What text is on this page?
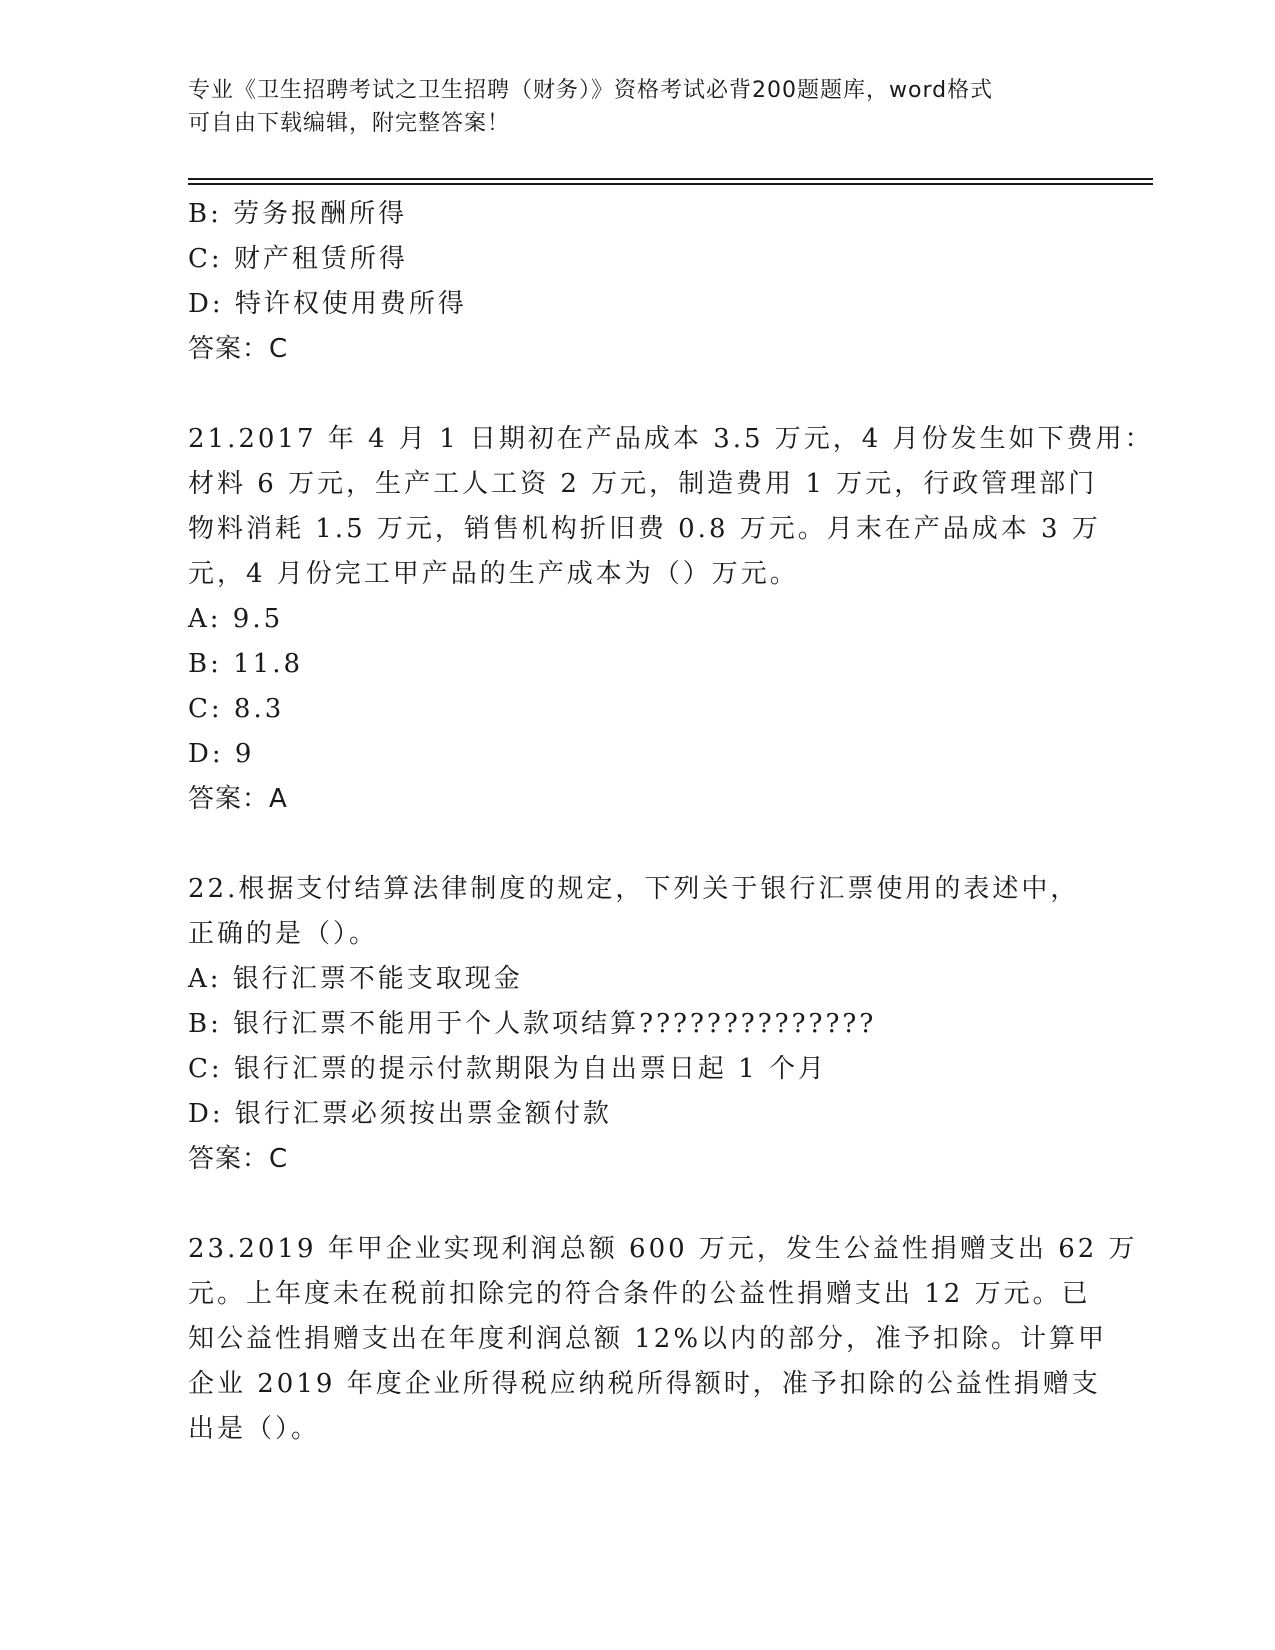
专业《卫生招聘考试之卫生招聘（财务）》资格考试必背200题题库，word格式
可自由下载编辑，附完整答案！
B: 劳务报酬所得
C: 财产租赁所得
D: 特许权使用费所得
答案：C
21.2017 年 4 月 1 日期初在产品成本 3.5 万元，4 月份发生如下费用：
材料 6 万元，生产工人工资 2 万元，制造费用 1 万元，行政管理部门
物料消耗 1.5 万元，销售机构折旧费 0.8 万元。月末在产品成本 3 万
元，4 月份完工甲产品的生产成本为（）万元。
A: 9.5
B: 11.8
C: 8.3
D: 9
答案：A
22.根据支付结算法律制度的规定，下列关于银行汇票使用的表述中，
正确的是（）。
A: 银行汇票不能支取现金
B: 银行汇票不能用于个人款项结算??????????????
C: 银行汇票的提示付款期限为自出票日起 1 个月
D: 银行汇票必须按出票金额付款
答案：C
23.2019 年甲企业实现利润总额 600 万元，发生公益性捐赠支出 62 万
元。上年度未在税前扣除完的符合条件的公益性捐赠支出 12 万元。已
知公益性捐赠支出在年度利润总额 12%以内的部分，准予扣除。计算甲
企业 2019 年度企业所得税应纳税所得额时，准予扣除的公益性捐赠支
出是（）。
